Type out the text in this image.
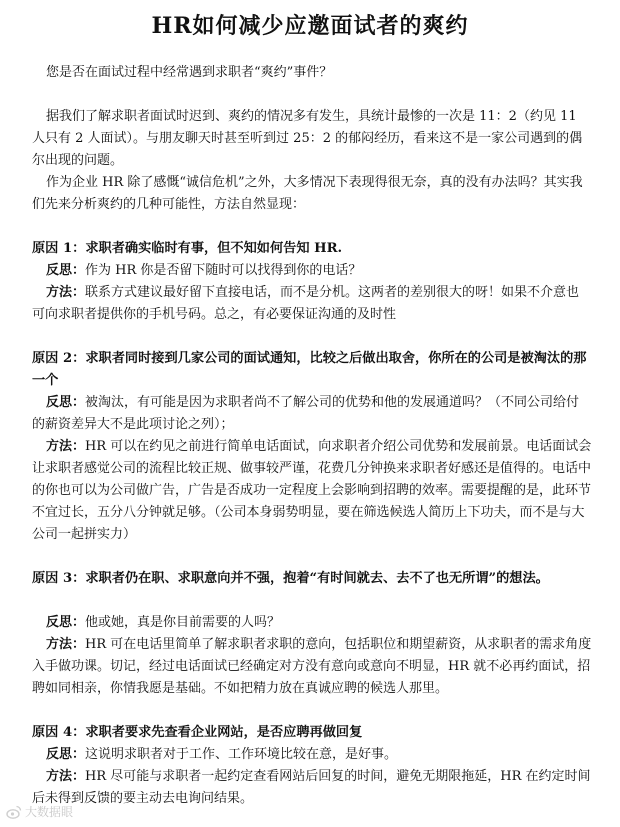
HR如何减少应邀面试者的爽约

您是否在面试过程中经常遇到求职者“爽约”事件？

据我们了解求职者面试时迟到、爽约的情况多有发生，具统计最惨的一次是 11：2（约见 11 人只有 2 人面试）。与朋友聊天时甚至听到过 25：2 的郁闷经历，看来这不是一家公司遇到的偶尔出现的问题。

作为企业 HR 除了感慨“诚信危机”之外，大多情况下表现得很无奈，真的没有办法吗？其实我们先来分析爽约的几种可能性，方法自然显现：

原因 1：求职者确实临时有事，但不知如何告知 HR.

反思：作为 HR 你是否留下随时可以找得到你的电话？

方法：联系方式建议最好留下直接电话，而不是分机。这两者的差别很大的呀！如果不介意也可向求职者提供你的手机号码。总之，有必要保证沟通的及时性

原因 2：求职者同时接到几家公司的面试通知，比较之后做出取舍，你所在的公司是被淘汰的那一个

反思：被淘汰，有可能是因为求职者尚不了解公司的优势和他的发展通道吗？（不同公司给付的薪资差异大不是此项讨论之列）；

方法：HR 可以在约见之前进行简单电话面试，向求职者介绍公司优势和发展前景。电话面试会让求职者感觉公司的流程比较正规、做事较严谨，花费几分钟换来求职者好感还是值得的。电话中的你也可以为公司做广告，广告是否成功一定程度上会影响到招聘的效率。需要提醒的是，此环节不宜过长，五分八分钟就足够。（公司本身弱势明显，要在筛选候选人简历上下功夫，而不是与大公司一起拼实力）

原因 3：求职者仍在职、求职意向并不强，抱着“有时间就去、去不了也无所谓”的想法。

反思：他或她，真是你目前需要的人吗？

方法：HR 可在电话里简单了解求职者求职的意向，包括职位和期望薪资，从求职者的需求角度入手做功课。切记，经过电话面试已经确定对方没有意向或意向不明显，HR 就不必再约面试，招聘如同相亲，你情我愿是基础。不如把精力放在真诚应聘的候选人那里。

原因 4：求职者要求先查看企业网站，是否应聘再做回复

反思：这说明求职者对于工作、工作环境比较在意，是好事。

方法：HR 尽可能与求职者一起约定查看网站后回复的时间，避免无期限拖延，HR 在约定时间后未得到反馈的要主动去电询问结果。

大数据眼
